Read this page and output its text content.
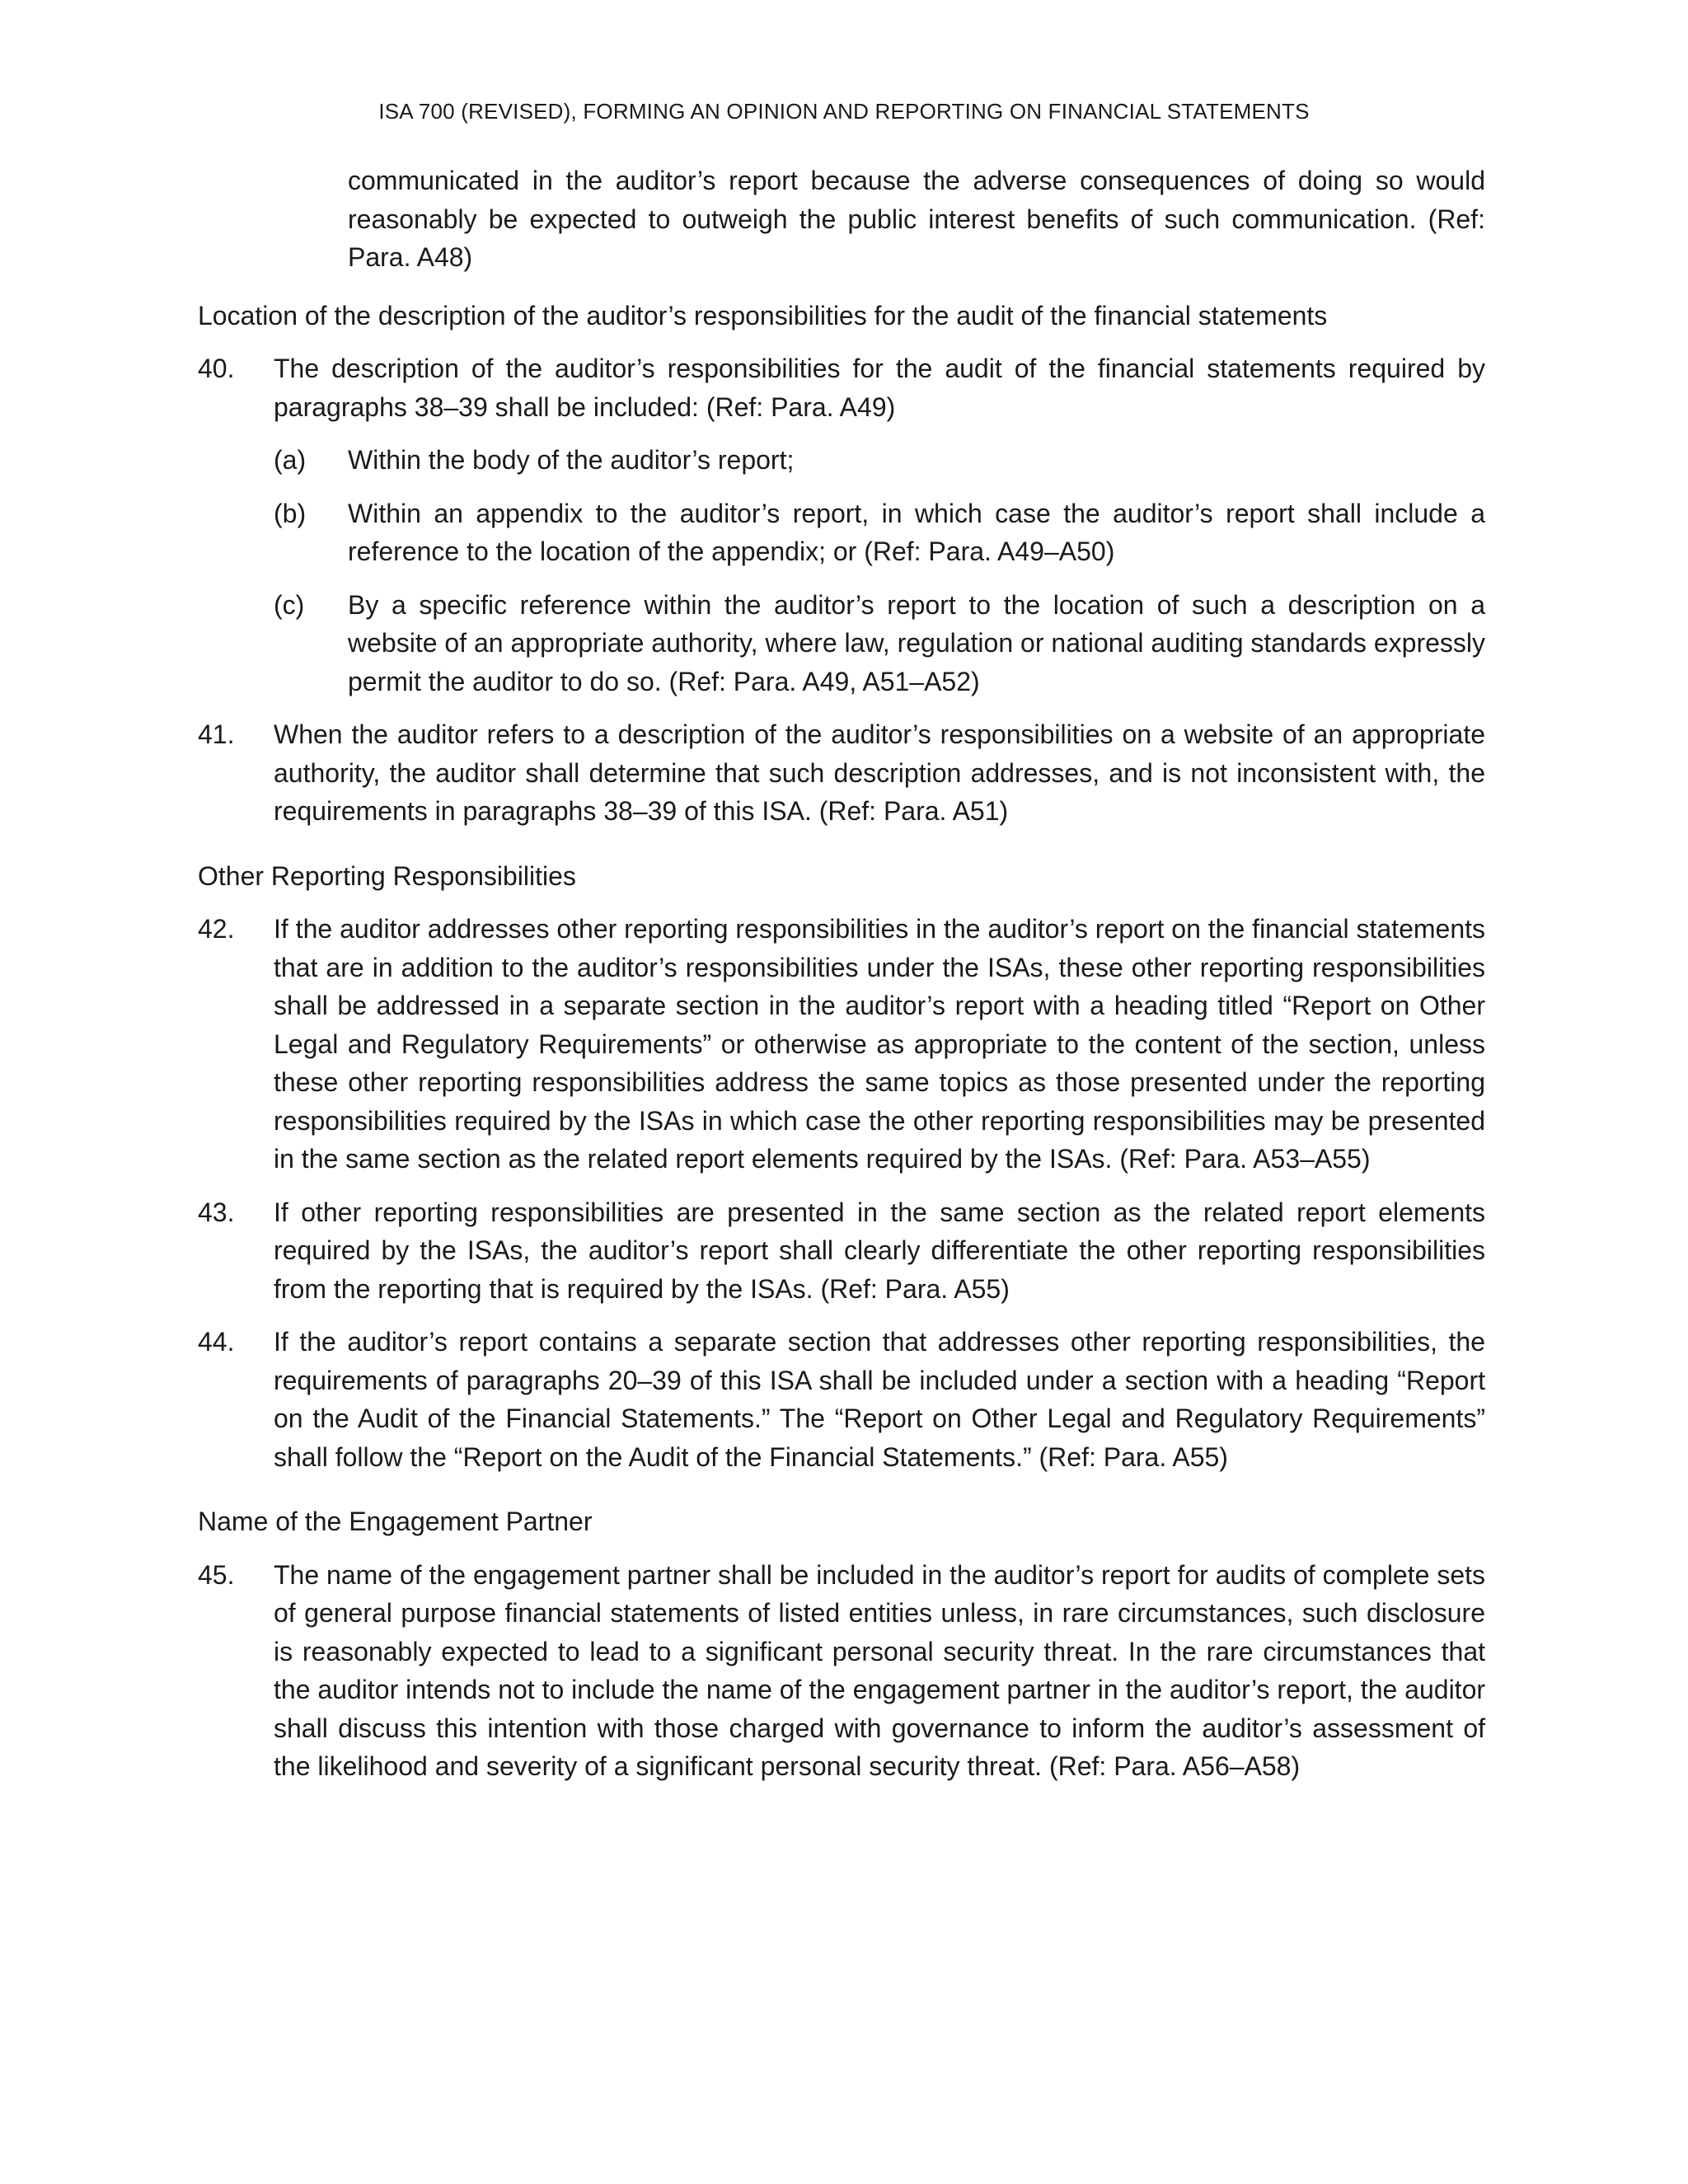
ISA 700 (REVISED), FORMING AN OPINION AND REPORTING ON FINANCIAL STATEMENTS
communicated in the auditor’s report because the adverse consequences of doing so would reasonably be expected to outweigh the public interest benefits of such communication. (Ref: Para. A48)
Location of the description of the auditor’s responsibilities for the audit of the financial statements
40.	The description of the auditor’s responsibilities for the audit of the financial statements required by paragraphs 38–39 shall be included: (Ref: Para. A49)
(a)	Within the body of the auditor’s report;
(b)	Within an appendix to the auditor’s report, in which case the auditor’s report shall include a reference to the location of the appendix; or (Ref: Para. A49–A50)
(c)	By a specific reference within the auditor’s report to the location of such a description on a website of an appropriate authority, where law, regulation or national auditing standards expressly permit the auditor to do so. (Ref: Para. A49, A51–A52)
41.	When the auditor refers to a description of the auditor’s responsibilities on a website of an appropriate authority, the auditor shall determine that such description addresses, and is not inconsistent with, the requirements in paragraphs 38–39 of this ISA. (Ref: Para. A51)
Other Reporting Responsibilities
42.	If the auditor addresses other reporting responsibilities in the auditor’s report on the financial statements that are in addition to the auditor’s responsibilities under the ISAs, these other reporting responsibilities shall be addressed in a separate section in the auditor’s report with a heading titled “Report on Other Legal and Regulatory Requirements” or otherwise as appropriate to the content of the section, unless these other reporting responsibilities address the same topics as those presented under the reporting responsibilities required by the ISAs in which case the other reporting responsibilities may be presented in the same section as the related report elements required by the ISAs. (Ref: Para. A53–A55)
43.	If other reporting responsibilities are presented in the same section as the related report elements required by the ISAs, the auditor’s report shall clearly differentiate the other reporting responsibilities from the reporting that is required by the ISAs. (Ref: Para. A55)
44.	If the auditor’s report contains a separate section that addresses other reporting responsibilities, the requirements of paragraphs 20–39 of this ISA shall be included under a section with a heading “Report on the Audit of the Financial Statements.” The “Report on Other Legal and Regulatory Requirements” shall follow the “Report on the Audit of the Financial Statements.” (Ref: Para. A55)
Name of the Engagement Partner
45.	The name of the engagement partner shall be included in the auditor’s report for audits of complete sets of general purpose financial statements of listed entities unless, in rare circumstances, such disclosure is reasonably expected to lead to a significant personal security threat. In the rare circumstances that the auditor intends not to include the name of the engagement partner in the auditor’s report, the auditor shall discuss this intention with those charged with governance to inform the auditor’s assessment of the likelihood and severity of a significant personal security threat. (Ref: Para. A56–A58)
